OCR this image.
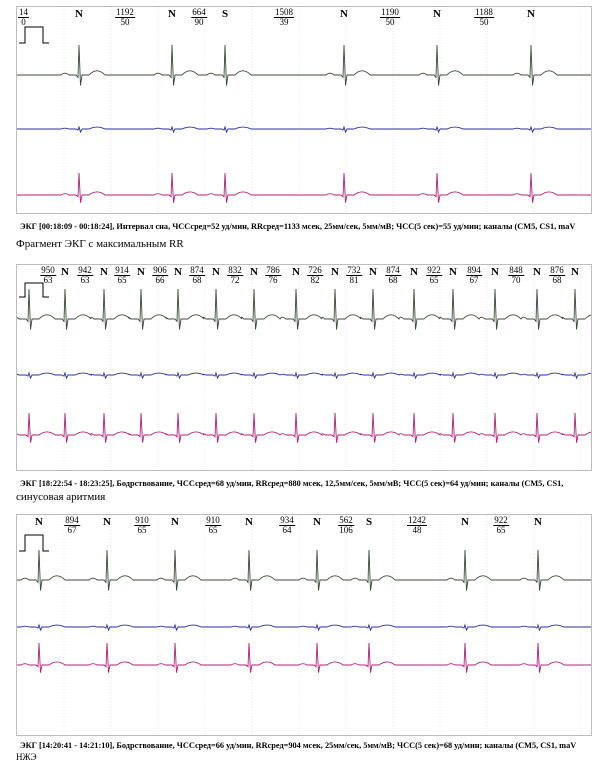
N	$\frac{1192}{50}$	N $\frac{664}{90}$ S	$\frac{1508}{39}$	N	$\frac{1190}{50}$	N	$\frac{1188}{50}$	N
$\frac{14}{0}$
ЭКГ [00:18:09 - 00:18:24], Интервал сна, ЧССсред=52 уд/мин, RRсред=1133 мсек, 25мм/сек, 5мм/мВ; ЧСС(5 сек)=55 уд/мин; каналы (CM5, CS1, maV
Фрагмент ЭКГ с максимальным RR
$\frac{950}{63}$ N $\frac{942}{63}$ N $\frac{914}{65}$ N $\frac{906}{66}$ N $\frac{874}{68}$ N $\frac{832}{72}$ N $\frac{786}{76}$ N $\frac{726}{82}$ N $\frac{732}{81}$ N $\frac{874}{68}$ N $\frac{922}{65}$ N $\frac{894}{67}$ N $\frac{848}{70}$ N $\frac{876}{68}$ N
ЭКГ [18:22:54 - 18:23:25], Бодрствование, ЧССсред=68 уд/мин, RRсред=880 мсек, 12,5мм/сек, 5мм/мВ; ЧСС(5 сек)=64 уд/мин; каналы (CM5, CS1,
синусовая аритмия
N $\frac{894}{67}$ N	$\frac{910}{65}$ N	$\frac{910}{65}$ N	$\frac{934}{64}$ N $\frac{562}{106}$ S	$\frac{1242}{48}$	N	$\frac{922}{65}$ N
ЭКГ [14:20:41 - 14:21:10], Бодрствование, ЧССсред=66 уд/мин, RRсред=904 мсек, 25мм/сек, 5мм/мВ; ЧСС(5 сек)=68 уд/мин; каналы (CM5, CS1, maV
НЖЭ
